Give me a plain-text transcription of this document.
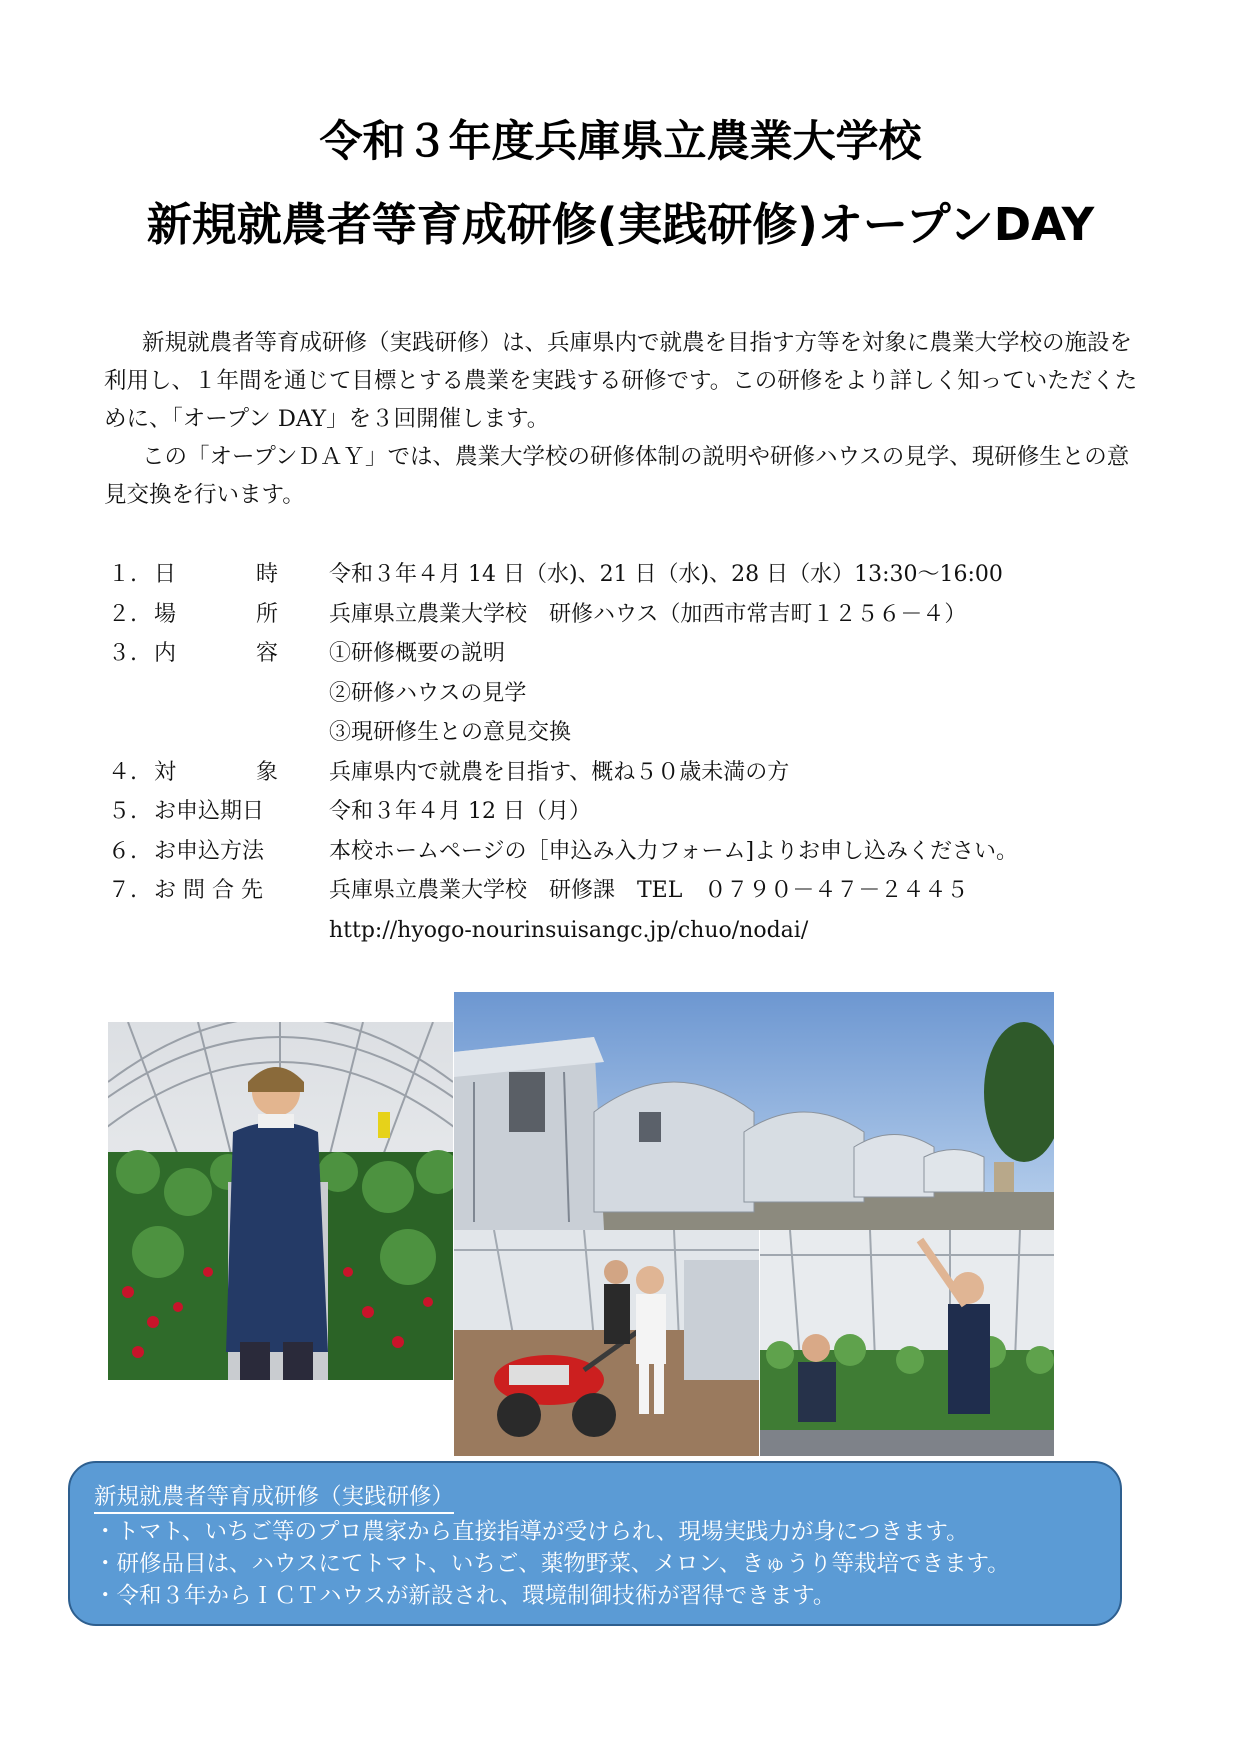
令和３年度兵庫県立農業大学校
新規就農者等育成研修(実践研修)オープンDAY

新規就農者等育成研修（実践研修）は、兵庫県内で就農を目指す方等を対象に農業大学校の施設を利用し、１年間を通じて目標とする農業を実践する研修です。この研修をより詳しく知っていただくために、「オープン DAY」を３回開催します。

この「オープンＤＡＹ」では、農業大学校の研修体制の説明や研修ハウスの見学、現研修生との意見交換を行います。

１. 日	時 令和３年４月 14 日（水)、21 日（水)、28 日（水）13:30〜16:00
２. 場	所 兵庫県立農業大学校　研修ハウス（加西市常吉町１２５６－４）
３. 内	容 ①研修概要の説明
②研修ハウスの見学
③現研修生との意見交換
４. 対	象 兵庫県内で就農を目指す、概ね５０歳未満の方
５. お申込期日	令和３年４月 12 日（月）
６. お申込方法	本校ホームページの［申込み入力フォーム]よりお申し込みください。
７. お 問 合 先	兵庫県立農業大学校　研修課　TEL　０７９０－４７－２４４５
http://hyogo-nourinsuisangc.jp/chuo/nodai/
新規就農者等育成研修（実践研修）
・トマト、いちご等のプロ農家から直接指導が受けられ、現場実践力が身につきます。
・研修品目は、ハウスにてトマト、いちご、薬物野菜、メロン、きゅうり等栽培できます。
・令和３年からＩＣＴハウスが新設され、環境制御技術が習得できます。
